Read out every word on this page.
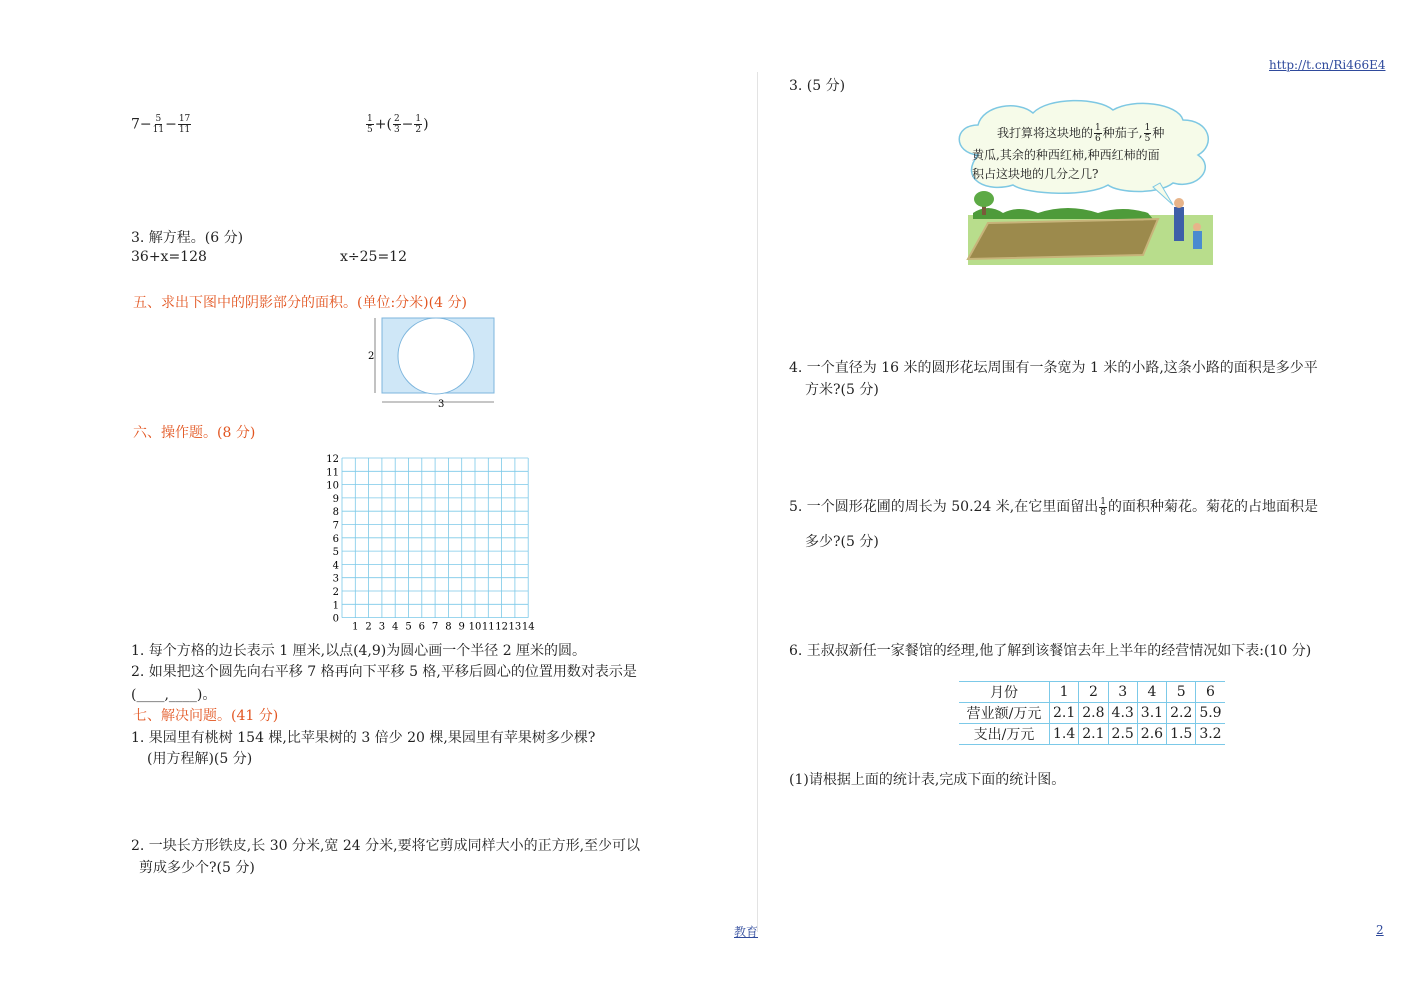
http://t.cn/Ri466E4
教育	2
$7- \frac{5}{11} - \frac{17}{11}$	$\frac{1}{5}$ +( $\frac{2}{3} - \frac{1}{2}$ )
3. 解方程。(6 分)
36+x=128	x÷25=12
五、求出下图中的阴影部分的面积。(单位:分米)(4 分)
2
3
六、操作题。(8 分)
12
11
10
9
8
7
6
5
4
3
2
1
0
1 2 3 4 5 6 7 8 9 10 11 12 13 14
1. 每个方格的边长表示 1 厘米,以点(4,9)为圆心画一个半径 2 厘米的圆。
2. 如果把这个圆先向右平移 7 格再向下平移 5 格,平移后圆心的位置用数对表示是
(____,____)。
七、解决问题。(41 分)
1. 果园里有桃树 154 棵,比苹果树的 3 倍少 20 棵,果园里有苹果树多少棵?
(用方程解)(5 分)
2. 一块长方形铁皮,长 30 分米,宽 24 分米,要将它剪成同样大小的正方形,至少可以
剪成多少个?(5 分)
3. (5 分)
我打算将这块地的 $\frac{1}{6}$ 种茄子, $\frac{1}{5}$ 种
黄瓜,其余的种西红柿,种西红柿的面
积占这块地的几分之几?
4. 一个直径为 16 米的圆形花坛周围有一条宽为 1 米的小路,这条小路的面积是多少平
方米?(5 分)
5. 一个圆形花圃的周长为 50.24 米,在它里面留出 $\frac{1}{8}$ 的面积种菊花。菊花的占地面积是
多少?(5 分)
6. 王叔叔新任一家餐馆的经理,他了解到该餐馆去年上半年的经营情况如下表:(10 分)
月份	1	2	3	4	5	6
营业额/万元	2.1	2.8	4.3	3.1	2.2	5.9
支出/万元	1.4	2.1	2.5	2.6	1.5	3.2
(1)请根据上面的统计表,完成下面的统计图。
